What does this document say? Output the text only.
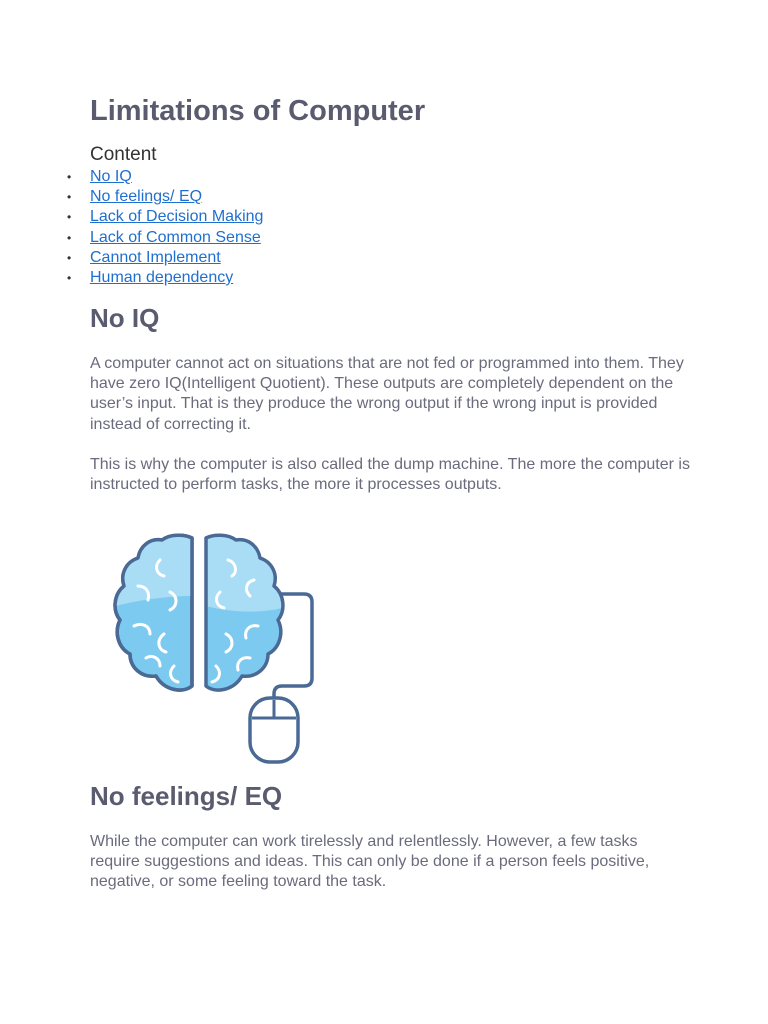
Limitations of Computer
Content
• No IQ
• No feelings/ EQ
• Lack of Decision Making
• Lack of Common Sense
• Cannot Implement
• Human dependency
No IQ

A computer cannot act on situations that are not fed or programmed into them. They have zero IQ(Intelligent Quotient). These outputs are completely dependent on the user’s input. That is they produce the wrong output if the wrong input is provided instead of correcting it.

This is why the computer is also called the dump machine. The more the computer is instructed to perform tasks, the more it processes outputs.

No feelings/ EQ

While the computer can work tirelessly and relentlessly. However, a few tasks require suggestions and ideas. This can only be done if a person feels positive, negative, or some feeling toward the task.
